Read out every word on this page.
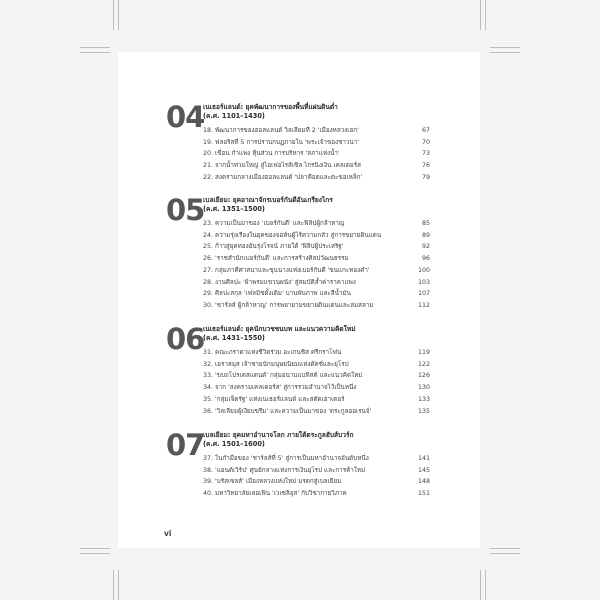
04
เนเธอร์แลนด์: ยุคพัฒนาการของพื้นที่แผ่นดินต่ำ
(ค.ศ. 1101–1430)
18. พัฒนาการของฮอลแลนด์ วิลเลียมที่ 2 'เมืองหลวงเฮก'	67
19. ฟลอริสที่ 5 การปราบกบฏภายใน 'พระเจ้าของชาวนา'	70
20. เขื่อน กำแพง หุ้นส่วน การบริหาร 'สภาแห่งน้ำ'	73
21. จากน้ำท่วมใหญ่ สู่ไอเฟอไรส์เซิล ไกรนิงเงิน เคลเดอร์ส	76
22. สงครามกลางเมืองฮอลแลนด์ 'ปลาคือดและตะขอเหล็ก'	79
05
เบลเยียม: ยุคอาณาจักรเบอร์กันดีอันเกรียงไกร
(ค.ศ. 1351–1500)
23. ความเป็นมาของ 'เบอร์กันดี' และฟิลิปผู้กล้าหาญ	85
24. ความรุ่งเรืองในยุคของจอห์นผู้ไร้ความกลัว สู่การขยายดินแดน	89
25. ก้าวสู่ยุคทองอันรุ่งโรจน์ ภายใต้ 'ฟิลิปผู้ประเสริฐ'	92
26. 'ราชสำนักเบอร์กันดี' และการสร้างศิลปวัฒนธรรม	96
27. กลุ่มภาคีศาสนาและขุนนางแห่งเบอร์กันดี 'ขนแกะทองคำ'	100
28. งานศิลปะ 'ผ้าพรมแขวนผนัง' สู่สมบัติล้ำค่าราคาแพง	103
29. ศิลปะสกุล 'เฟลมิชดั้งเดิม' บานพับภาพ และสีน้ำมัน	107
30. 'ชาร์ลส์ ผู้กล้าหาญ' การพยายามขยายดินแดนและล่มสลาย	112
06
เนเธอร์แลนด์: ยุคนักบวชชนบท และแนวความคิดใหม่
(ค.ศ. 1431–1550)
31. คณะภราดาแห่งชีวิตร่วม อะเกนซิส ศรีกราโฟน	119
32. เอราสมุส เจ้าชายนักมนุษยนิยมแห่งดัตช์และยุโรป	122
33. 'ขบถโปรเตสแตนต์' กลุ่มอนาบแบทิสต์ และแนวคิดใหม่	126
34. จาก 'สงครามเคลเดอร์ส' สู่การรวมอำนาจไว้เป็นหนึ่ง	130
35. 'กลุ่มเจ็ดรัฐ' แห่งเนเธอร์แลนด์ และสตัดเฮาเดอร์	133
36. 'วิลเลียมผู้เงียบขรึม' และความเป็นมาของ 'ตระกูลออเรนจ์'	135
07
เบลเยียม: ยุคมหาอำนาจโลก ภายใต้ตระกูลฮับส์บวร์ก
(ค.ศ. 1501–1600)
37. ในกำมือของ 'ชาร์ลส์ที่ 5' สู่การเป็นมหาอำนาจอันดับหนึ่ง	141
38. 'แอนต์เวิร์ป' ศูนย์กลางแห่งการเงินยุโรป และการค้าใหม่	145
39. 'บรัสเซลส์' เมืองหลวงแห่งใหม่ มรดกสู่เบลเยียม	148
40. มหาวิทยาลัยเลอเฟิน 'เวเซลิอุส' กับวิชากายวิภาค	151
vi
